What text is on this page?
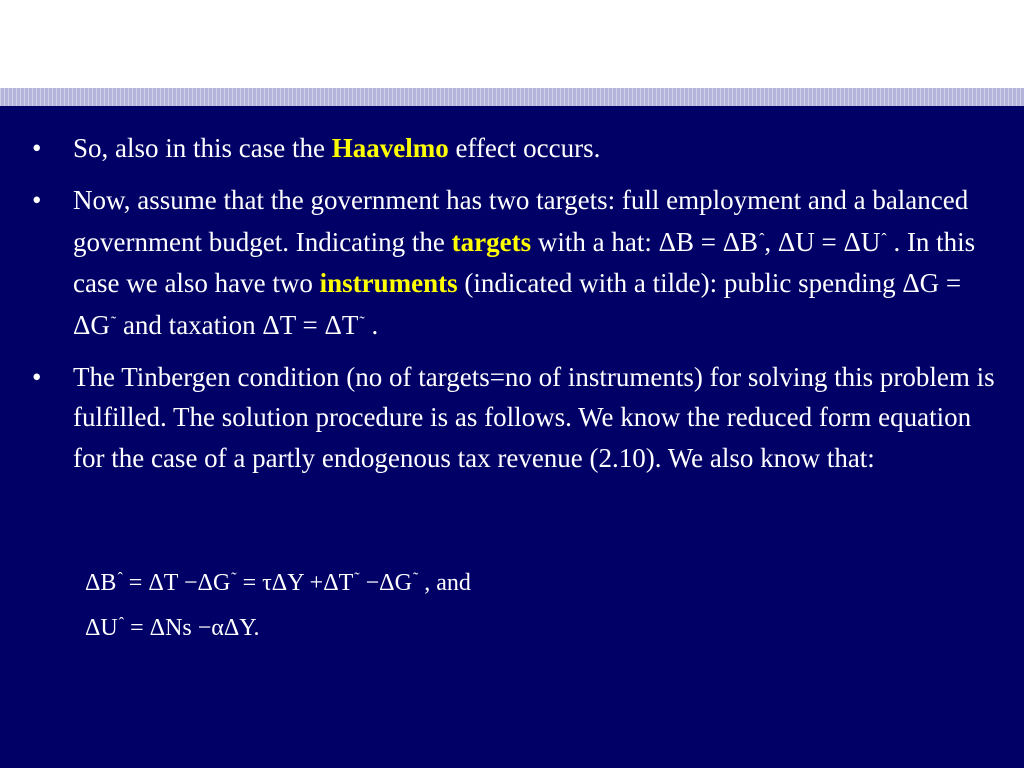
• So, also in this case the Haavelmo effect occurs.
• Now, assume that the government has two targets: full employment and a balanced government budget. Indicating the targets with a hat: $\Delta B = \Delta B^ˆ$, $\Delta U = \Delta U^ˆ$ . In this case we also have two instruments (indicated with a tilde): public spending ΔG = ΔG˜ and taxation ΔT = ΔT˜ .
• The Tinbergen condition (no of targets=no of instruments) for solving this problem is fulfilled. The solution procedure is as follows. We know the reduced form equation for the case of a partly endogenous tax revenue (2.10). We also know that:
$\Delta B^ˆ = \Delta T -\Delta G^˜ = \tau\Delta Y +\Delta T^˜ -\Delta G^˜$ , and
$\Delta U^ˆ = \Delta Ns -\alpha\Delta Y$.
